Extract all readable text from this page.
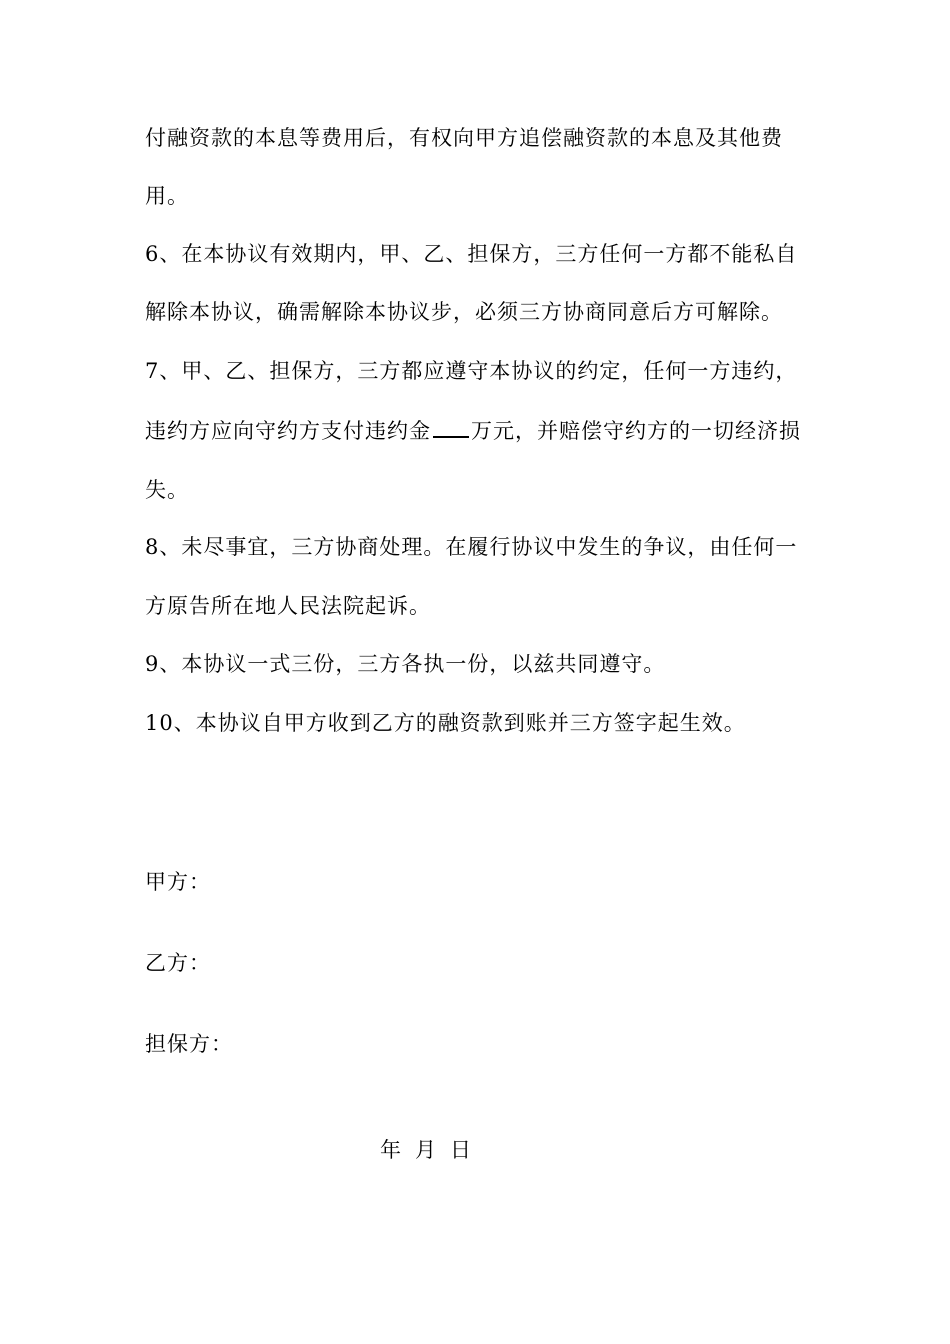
付融资款的本息等费用后，有权向甲方追偿融资款的本息及其他费
用。
6、在本协议有效期内，甲、乙、担保方，三方任何一方都不能私自
解除本协议，确需解除本协议步，必须三方协商同意后方可解除。
7、甲、乙、担保方，三方都应遵守本协议的约定，任何一方违约，
违约方应向守约方支付违约金 万元，并赔偿守约方的一切经济损
失。
8、未尽事宜，三方协商处理。在履行协议中发生的争议，由任何一
方原告所在地人民法院起诉。
9、本协议一式三份，三方各执一份，以兹共同遵守。
10、本协议自甲方收到乙方的融资款到账并三方签字起生效。
甲方：
乙方：
担保方：
年 月 日
